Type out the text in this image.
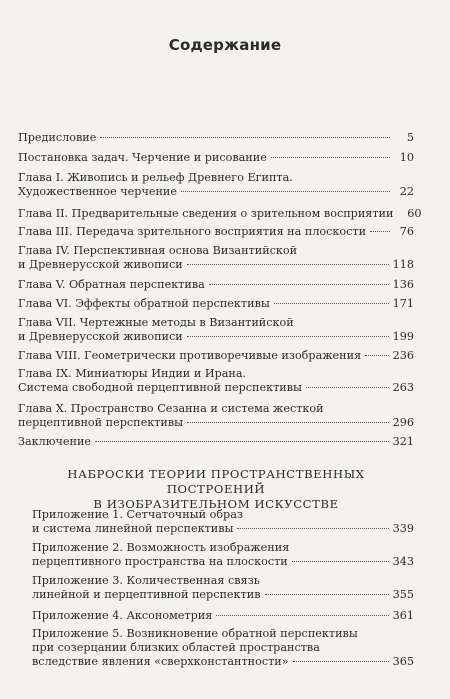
Содержание
Предисловие	5
Постановка задач. Черчение и рисование	10
Глава I. Живопись и рельеф Древнего Египта.
Художественное черчение	22
Глава II. Предварительные сведения о зрительном восприятии	60
Глава III. Передача зрительного восприятия на плоскости	76
Глава IV. Перспективная основа Византийской
и Древнерусской живописи	118
Глава V. Обратная перспектива	136
Глава VI. Эффекты обратной перспективы	171
Глава VII. Чертежные методы в Византийской
и Древнерусской живописи	199
Глава VIII. Геометрически противоречивые изображения	236
Глава IX. Миниатюры Индии и Ирана.
Система свободной перцептивной перспективы	263
Глава X. Пространство Сезанна и система жесткой
перцептивной перспективы	296
Заключение	321
НАБРОСКИ ТЕОРИИ ПРОСТРАНСТВЕННЫХ ПОСТРОЕНИЙ
В ИЗОБРАЗИТЕЛЬНОМ ИСКУССТВЕ
Приложение 1. Сетчаточный образ
и система линейной перспективы	339
Приложение 2. Возможность изображения
перцептивного пространства на плоскости	343
Приложение 3. Количественная связь
линейной и перцептивной перспектив	355
Приложение 4. Аксонометрия	361
Приложение 5. Возникновение обратной перспективы
при созерцании близких областей пространства
вследствие явления «сверхконстантности»	365
